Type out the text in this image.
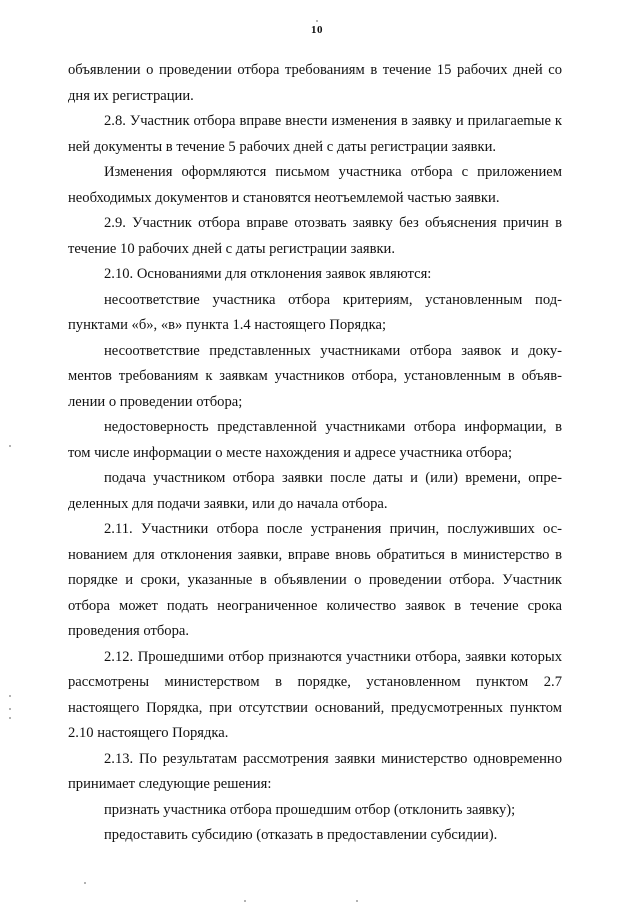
10

объявлении о проведении отбора требованиям в течение 15 рабочих дней со дня их регистрации.

2.8. Участник отбора вправе внести изменения в заявку и прилагаеmые к ней документы в течение 5 рабочих дней с даты регистрации заявки.

Изменения оформляются письмом участника отбора с приложением необходимых документов и становятся неотъемлемой частью заявки.

2.9. Участник отбора вправе отозвать заявку без объяснения причин в течение 10 рабочих дней с даты регистрации заявки.

2.10. Основаниями для отклонения заявок являются:

несоответствие участника отбора критериям, установленным подпунктами «б», «в» пункта 1.4 настоящего Порядка;

несоответствие представленных участниками отбора заявок и документов требованиям к заявкам участников отбора, установленным в объявлении о проведении отбора;

недостоверность представленной участниками отбора информации, в том числе информации о месте нахождения и адресе участника отбора;

подача участником отбора заявки после даты и (или) времени, определенных для подачи заявки, или до начала отбора.

2.11. Участники отбора после устранения причин, послуживших основанием для отклонения заявки, вправе вновь обратиться в министерство в порядке и сроки, указанные в объявлении о проведении отбора. Участник отбора может подать неограниченное количество заявок в течение срока проведения отбора.

2.12. Прошедшими отбор признаются участники отбора, заявки которых рассмотрены министерством в порядке, установленном пунктом 2.7 настоящего Порядка, при отсутствии оснований, предусмотренных пунктом 2.10 настоящего Порядка.

2.13. По результатам рассмотрения заявки министерство одновременно принимает следующие решения:

признать участника отбора прошедшим отбор (отклонить заявку);

предоставить субсидию (отказать в предоставлении субсидии).
